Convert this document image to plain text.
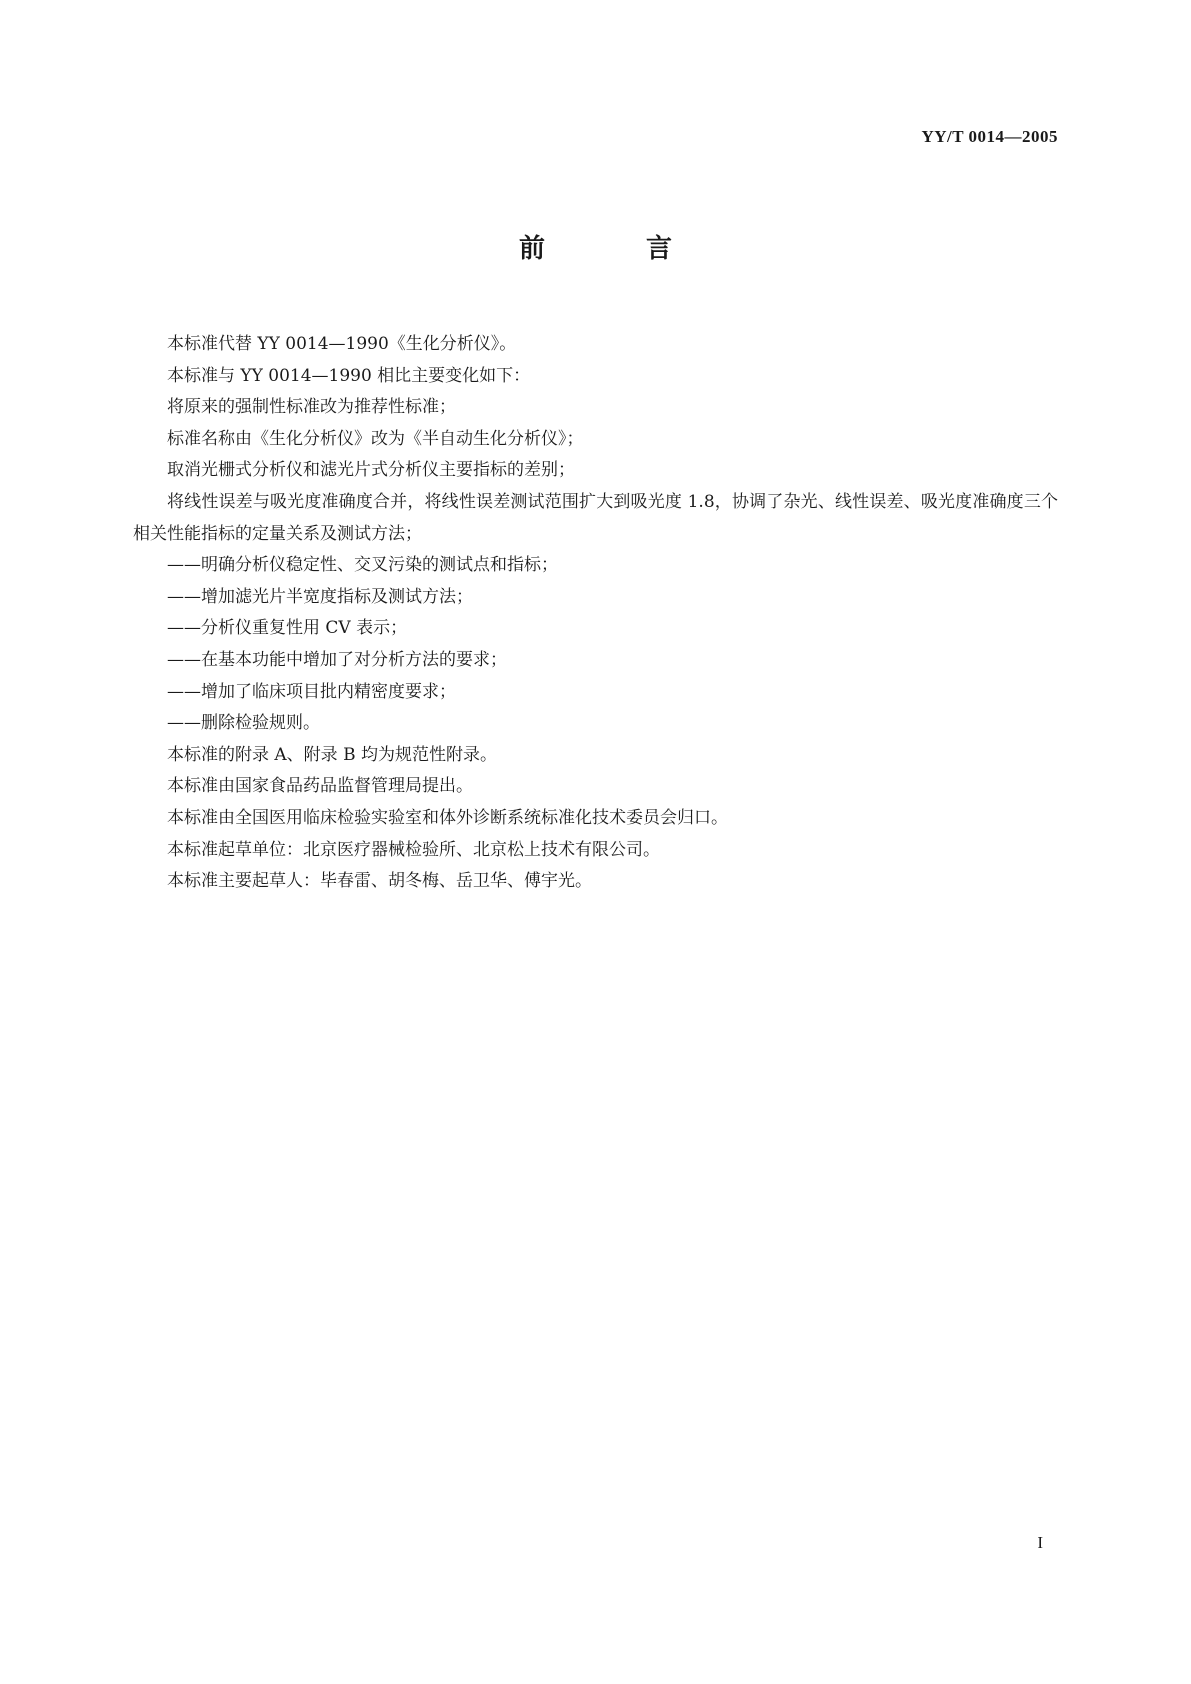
YY/T 0014—2005
前 言

本标准代替 YY 0014—1990《生化分析仪》。

本标准与 YY 0014—1990 相比主要变化如下：

将原来的强制性标准改为推荐性标准；

标准名称由《生化分析仪》改为《半自动生化分析仪》；

取消光栅式分析仪和滤光片式分析仪主要指标的差别；

将线性误差与吸光度准确度合并，将线性误差测试范围扩大到吸光度 1.8，协调了杂光、线性误差、吸光度准确度三个相关性能指标的定量关系及测试方法；

——明确分析仪稳定性、交叉污染的测试点和指标；

——增加滤光片半宽度指标及测试方法；

——分析仪重复性用 CV 表示；

——在基本功能中增加了对分析方法的要求；

——增加了临床项目批内精密度要求；

——删除检验规则。

本标准的附录 A、附录 B 均为规范性附录。

本标准由国家食品药品监督管理局提出。

本标准由全国医用临床检验实验室和体外诊断系统标准化技术委员会归口。

本标准起草单位：北京医疗器械检验所、北京松上技术有限公司。

本标准主要起草人：毕春雷、胡冬梅、岳卫华、傅宇光。

I
